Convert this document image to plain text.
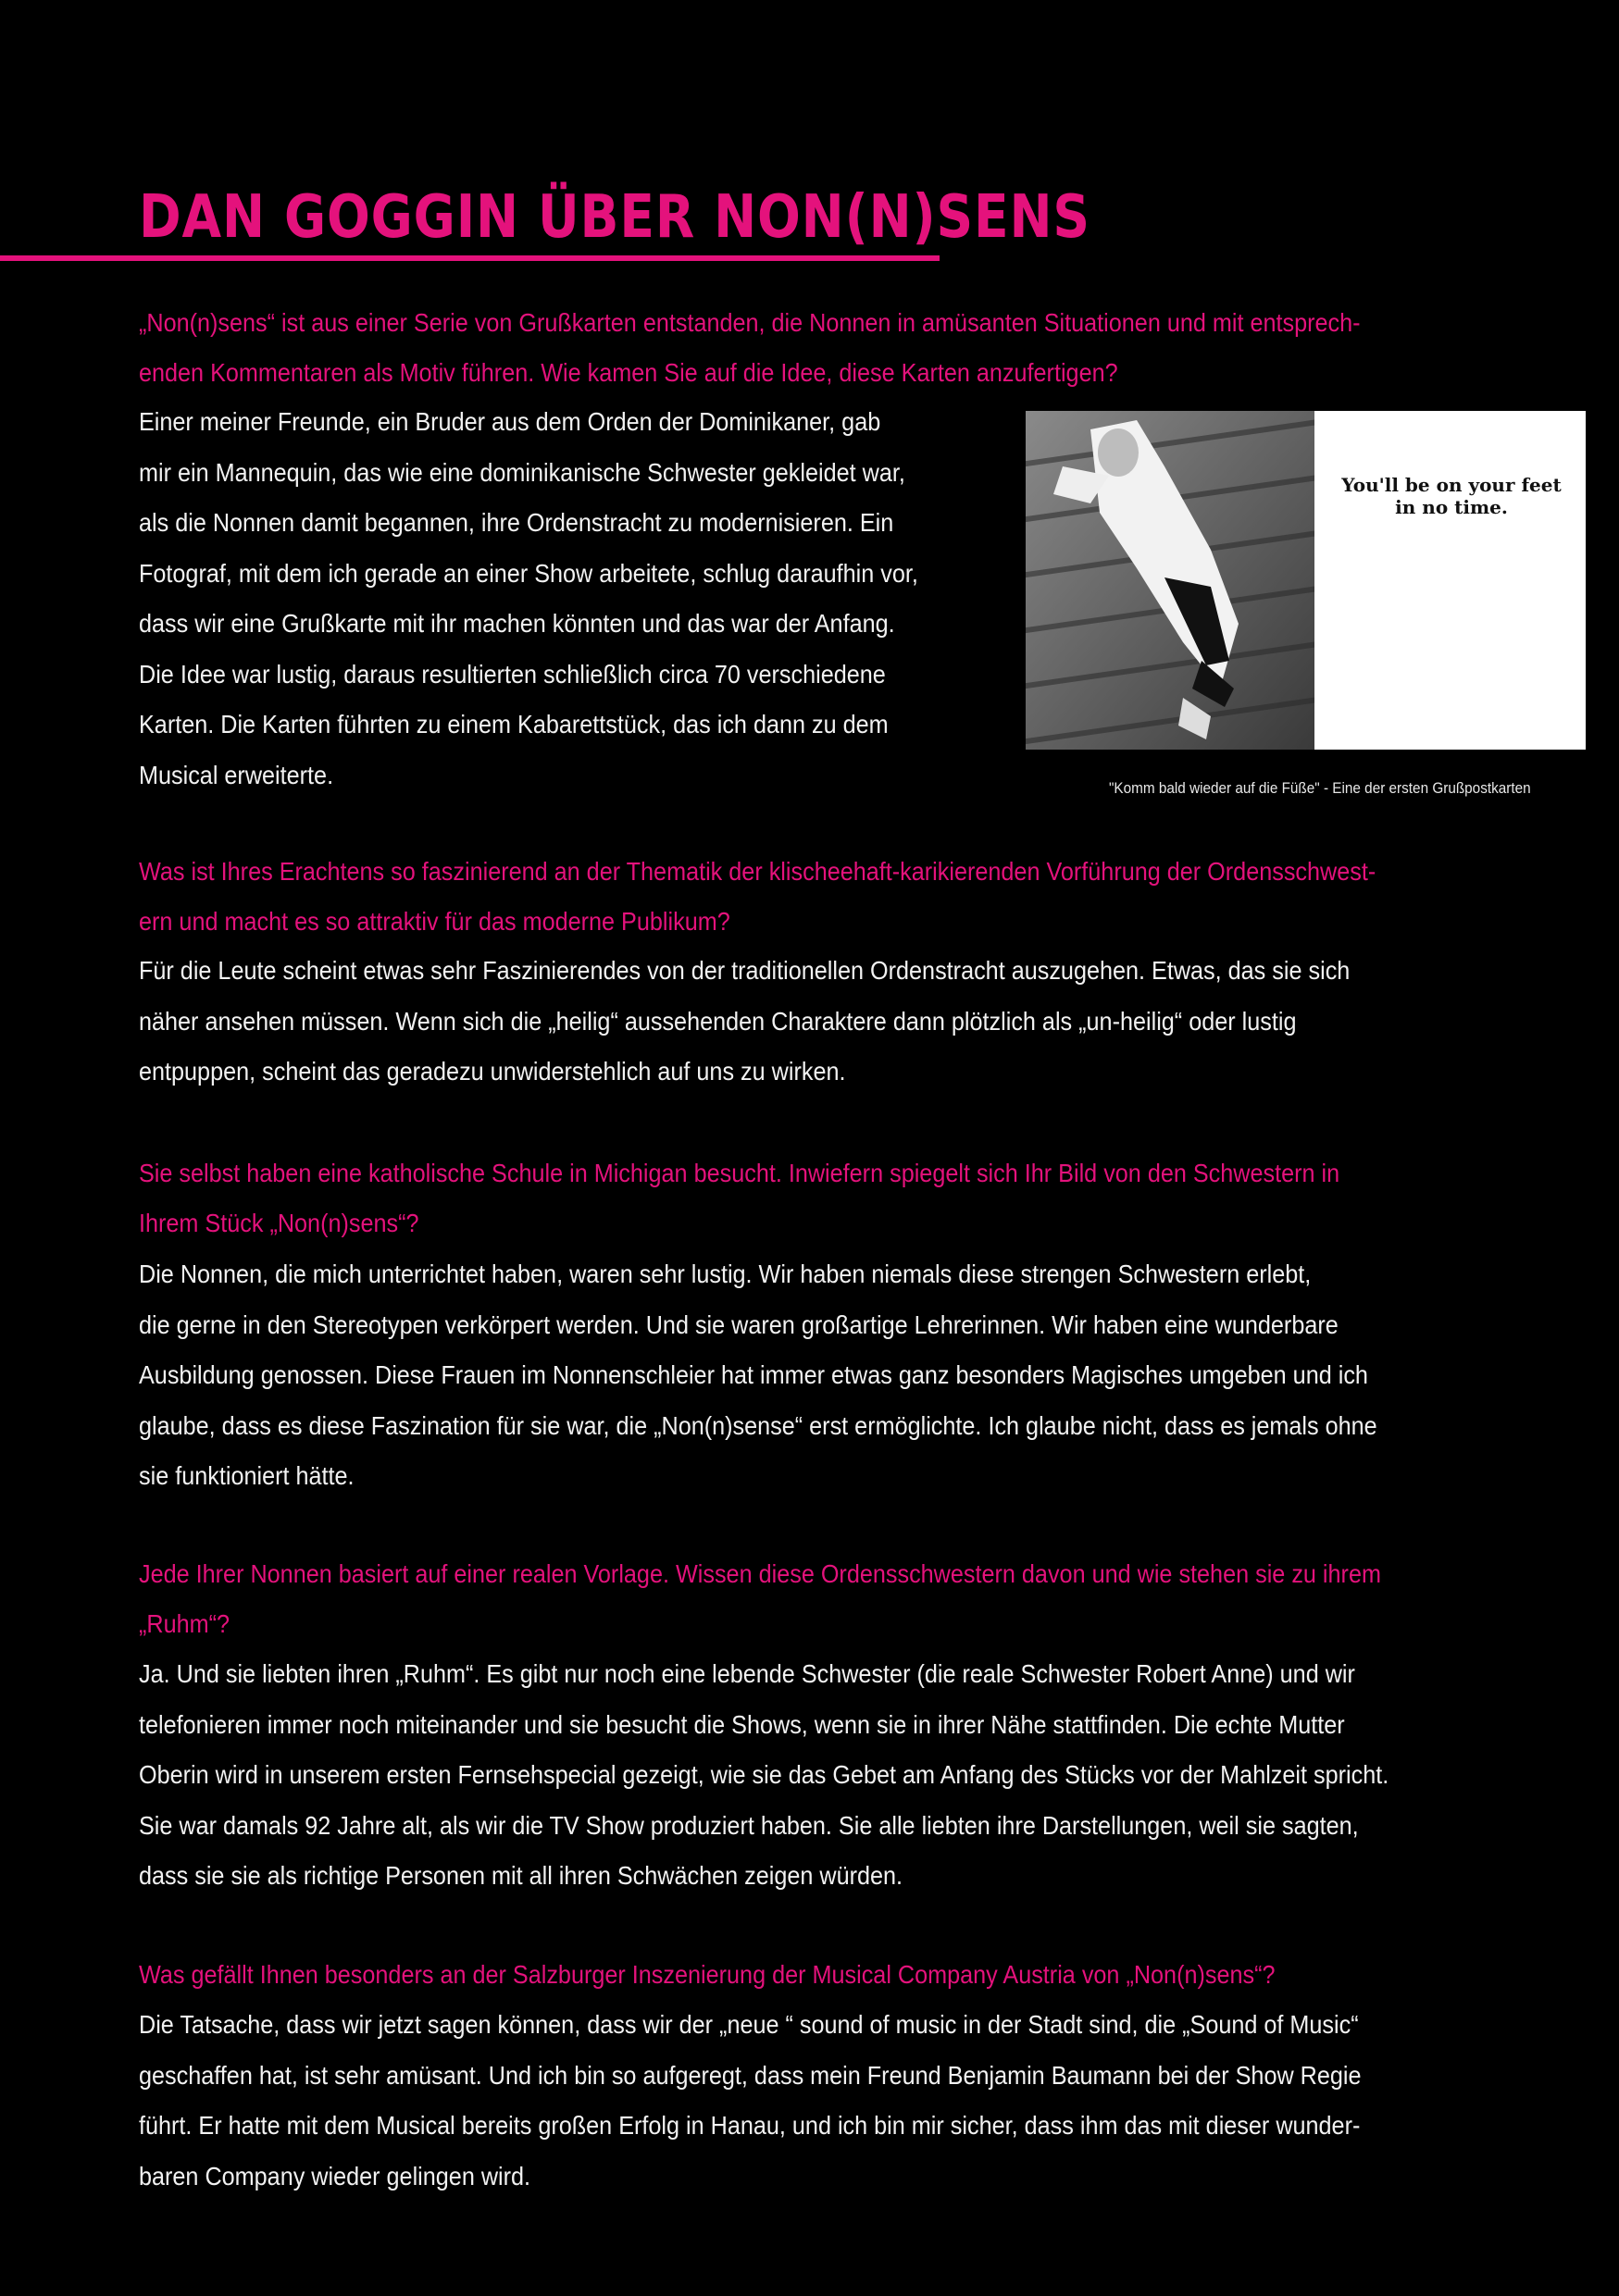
DAN GOGGIN ÜBER NON(N)SENS
„Non(n)sens“ ist aus einer Serie von Grußkarten entstanden, die Nonnen in amüsanten Situationen und mit entsprech-
enden Kommentaren als Motiv führen. Wie kamen Sie auf die Idee, diese Karten anzufertigen?
Einer meiner Freunde, ein Bruder aus dem Orden der Dominikaner, gab
mir ein Mannequin, das wie eine dominikanische Schwester gekleidet war,
als die Nonnen damit begannen, ihre Ordenstracht zu modernisieren. Ein
Fotograf, mit dem ich gerade an einer Show arbeitete, schlug daraufhin vor,
dass wir eine Grußkarte mit ihr machen könnten und das war der Anfang.
Die Idee war lustig, daraus resultierten schließlich circa 70 verschiedene
Karten. Die Karten führten zu einem Kabarettstück, das ich dann zu dem
Musical erweiterte.
You'll be on your feet in no time.
"Komm bald wieder auf die Füße" - Eine der ersten Grußpostkarten
Was ist Ihres Erachtens so faszinierend an der Thematik der klischeehaft-karikierenden Vorführung der Ordensschwest-
ern und macht es so attraktiv für das moderne Publikum?
Für die Leute scheint etwas sehr Faszinierendes von der traditionellen Ordenstracht auszugehen. Etwas, das sie sich
näher ansehen müssen. Wenn sich die „heilig“ aussehenden Charaktere dann plötzlich als „un-heilig“ oder lustig
entpuppen, scheint das geradezu unwiderstehlich auf uns zu wirken.
Sie selbst haben eine katholische Schule in Michigan besucht. Inwiefern spiegelt sich Ihr Bild von den Schwestern in
Ihrem Stück „Non(n)sens“?
Die Nonnen, die mich unterrichtet haben, waren sehr lustig. Wir haben niemals diese strengen Schwestern erlebt,
die gerne in den Stereotypen verkörpert werden. Und sie waren großartige Lehrerinnen. Wir haben eine wunderbare
Ausbildung genossen. Diese Frauen im Nonnenschleier hat immer etwas ganz besonders Magisches umgeben und ich
glaube, dass es diese Faszination für sie war, die „Non(n)sense“ erst ermöglichte. Ich glaube nicht, dass es jemals ohne
sie funktioniert hätte.
Jede Ihrer Nonnen basiert auf einer realen Vorlage. Wissen diese Ordensschwestern davon und wie stehen sie zu ihrem
„Ruhm“?
Ja. Und sie liebten ihren „Ruhm“. Es gibt nur noch eine lebende Schwester (die reale Schwester Robert Anne) und wir
telefonieren immer noch miteinander und sie besucht die Shows, wenn sie in ihrer Nähe stattfinden. Die echte Mutter
Oberin wird in unserem ersten Fernsehspecial gezeigt, wie sie das Gebet am Anfang des Stücks vor der Mahlzeit spricht.
Sie war damals 92 Jahre alt, als wir die TV Show produziert haben. Sie alle liebten ihre Darstellungen, weil sie sagten,
dass sie sie als richtige Personen mit all ihren Schwächen zeigen würden.
Was gefällt Ihnen besonders an der Salzburger Inszenierung der Musical Company Austria von „Non(n)sens“?
Die Tatsache, dass wir jetzt sagen können, dass wir der „neue “ sound of music in der Stadt sind, die „Sound of Music“
geschaffen hat, ist sehr amüsant. Und ich bin so aufgeregt, dass mein Freund Benjamin Baumann bei der Show Regie
führt. Er hatte mit dem Musical bereits großen Erfolg in Hanau, und ich bin mir sicher, dass ihm das mit dieser wunder-
baren Company wieder gelingen wird.
